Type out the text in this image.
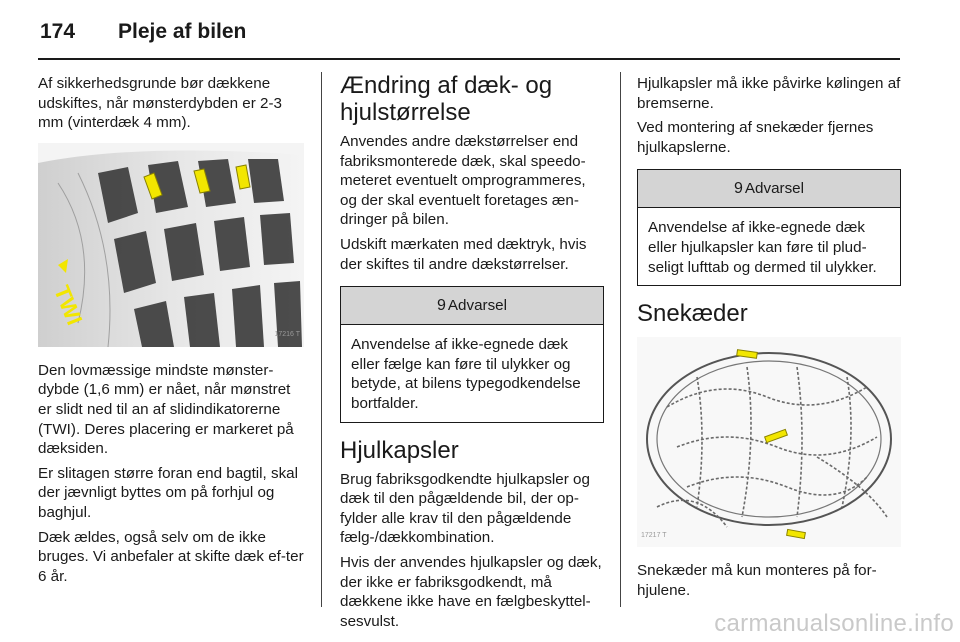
174 Pleje af bilen

Af sikkerhedsgrunde bør dækkene udskiftes, når mønsterdybden er 2-3 mm (vinterdæk 4 mm).

TWI
17216 T

Den lovmæssige mindste mønster-dybde (1,6 mm) er nået, når mønstret er slidt ned til an af slidindikatorerne (TWI). Deres placering er markeret på dæksiden.

Er slitagen større foran end bagtil, skal der jævnligt byttes om på forhjul og baghjul.

Dæk ældes, også selv om de ikke bruges. Vi anbefaler at skifte dæk ef-ter 6 år.

Ændring af dæk- og hjulstørrelse

Anvendes andre dækstørrelser end fabriksmonterede dæk, skal speedo-meteret eventuelt omprogrammeres, og der skal eventuelt foretages æn-dringer på bilen.

Udskift mærkaten med dæktryk, hvis der skiftes til andre dækstørrelser.

9 Advarsel
Anvendelse af ikke-egnede dæk eller fælge kan føre til ulykker og betyde, at bilens typegodkendelse bortfalder.
Hjulkapsler

Brug fabriksgodkendte hjulkapsler og dæk til den pågældende bil, der op-fylder alle krav til den pågældende fælg-/dækkombination.

Hvis der anvendes hjulkapsler og dæk, der ikke er fabriksgodkendt, må dækkene ikke have en fælgbeskyttel-sesvulst.

Hjulkapsler må ikke påvirke kølingen af bremserne.

Ved montering af snekæder fjernes hjulkapslerne.

9 Advarsel
Anvendelse af ikke-egnede dæk eller hjulkapsler kan føre til plud-seligt lufttab og dermed til ulykker.
Snekæder
17217 T

Snekæder må kun monteres på for-hjulene.

carmanualsonline.info
